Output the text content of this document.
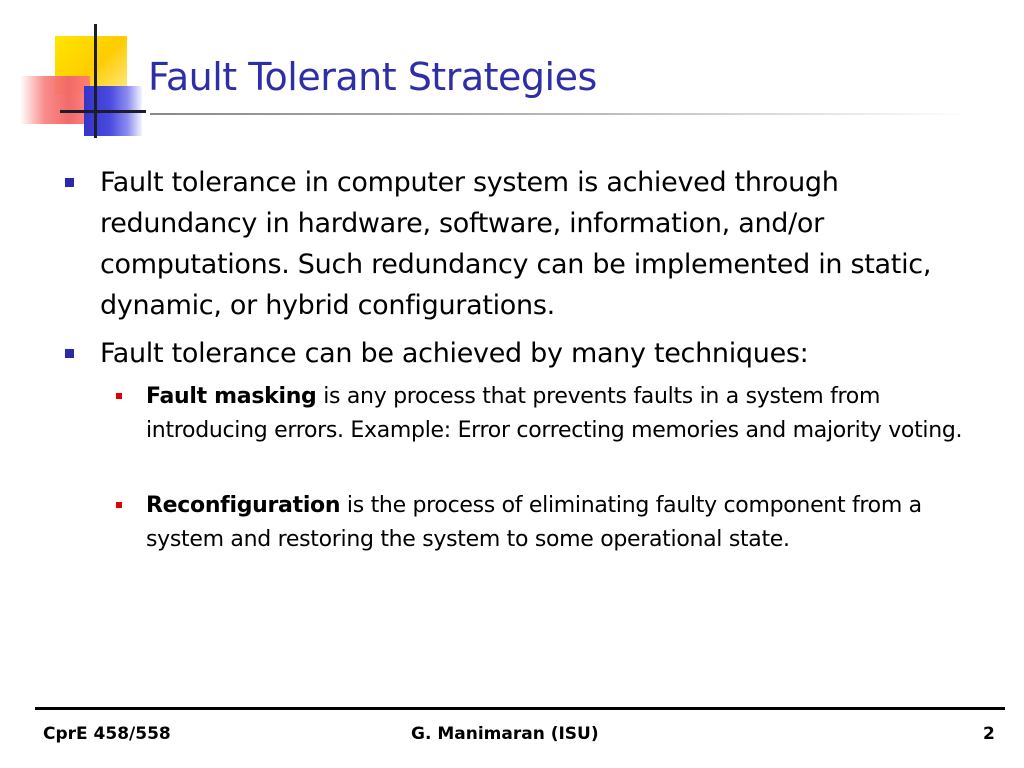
Fault Tolerant Strategies
Fault tolerance in computer system is achieved through redundancy in hardware, software, information, and/or computations. Such redundancy can be implemented in static, dynamic, or hybrid configurations.
Fault tolerance can be achieved by many techniques:
Fault masking is any process that prevents faults in a system from introducing errors. Example: Error correcting memories and majority voting.
Reconfiguration is the process of eliminating faulty component from a system and restoring the system to some operational state.
CprE 458/558	G. Manimaran (ISU)	2
